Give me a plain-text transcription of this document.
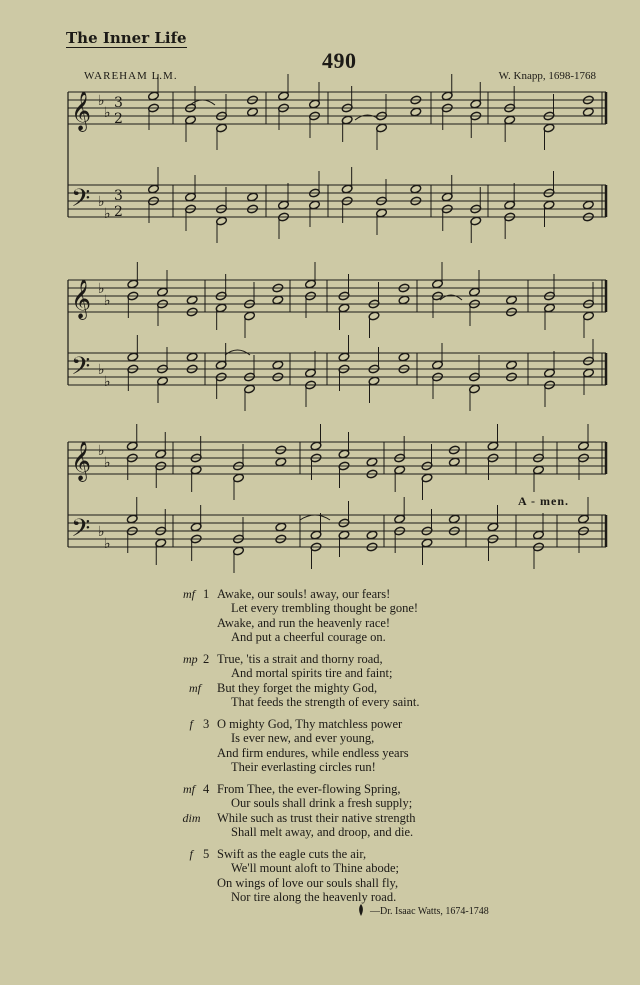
The Inner Life
490
WAREHAM L.M.	W. Knapp, 1698-1768
𝄞
𝄢
♭
♭
♭
♭
3
2
3
2
𝄞
𝄢
♭
♭
♭
♭
𝄞
𝄢
♭
♭
♭
♭
A - men.
1
mf Awake, our souls! away, our fears!
Let every trembling thought be gone!
Awake, and run the heavenly race!
And put a cheerful courage on.
2
mp True, 'tis a strait and thorny road,
And mortal spirits tire and faint;
mf But they forget the mighty God,
That feeds the strength of every saint.
3
f O mighty God, Thy matchless power
Is ever new, and ever young,
And firm endures, while endless years
Their everlasting circles run!
4
mf From Thee, the ever-flowing Spring,
Our souls shall drink a fresh supply;
dim While such as trust their native strength
Shall melt away, and droop, and die.
5
f Swift as the eagle cuts the air,
We'll mount aloft to Thine abode;
On wings of love our souls shall fly,
Nor tire along the heavenly road.
—Dr. Isaac Watts, 1674-1748
